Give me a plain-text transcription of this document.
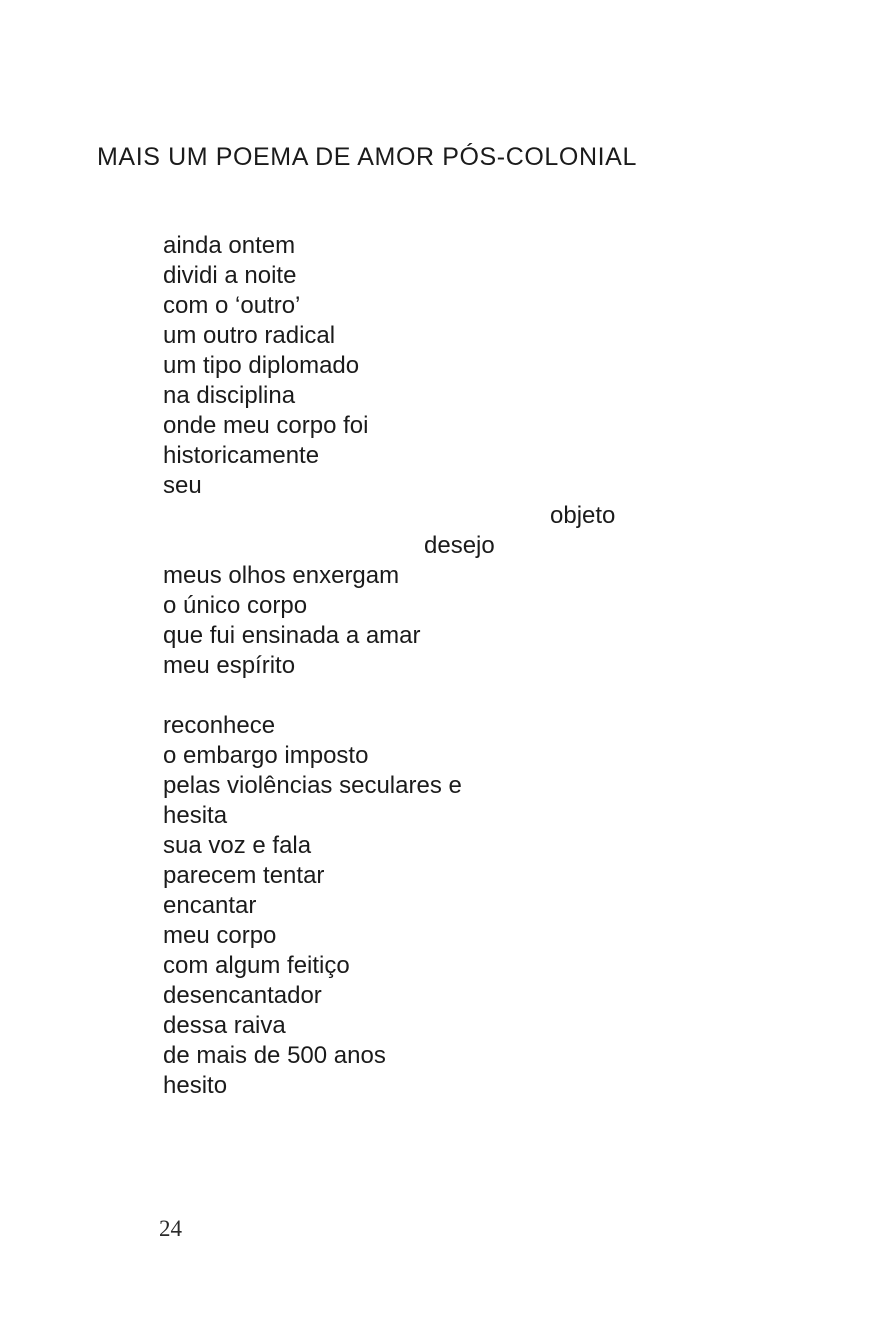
MAIS UM POEMA DE AMOR PÓS-COLONIAL
ainda ontem
dividi a noite
com o ‘outro’
um outro radical
um tipo diplomado
na disciplina
onde meu corpo foi
historicamente
seu
objeto
desejo
meus olhos enxergam
o único corpo
que fui ensinada a amar
meu espírito
reconhece
o embargo imposto
pelas violências seculares e
hesita
sua voz e fala
parecem tentar
encantar
meu corpo
com algum feitiço
desencantador
dessa raiva
de mais de 500 anos
hesito
24
